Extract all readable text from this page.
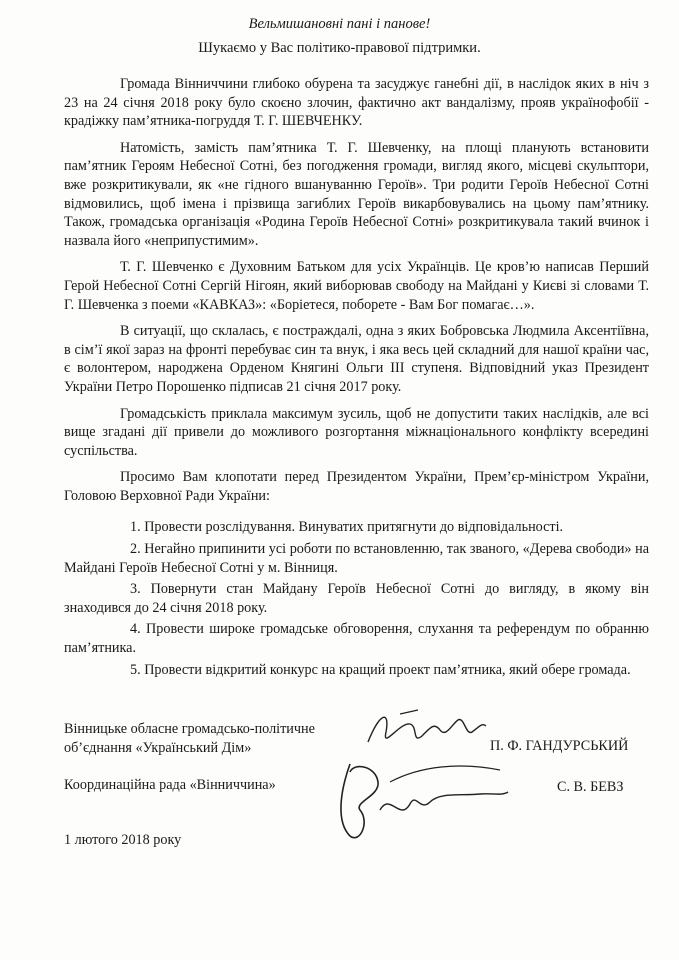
Вельмишановні пані і панове!
Шукаємо у Вас політико-правової підтримки.

Громада Вінниччини глибоко обурена та засуджує ганебні дії, в наслідок яких в ніч з 23 на 24 січня 2018 року було скоєно злочин, фактично акт вандалізму, прояв українофобії - крадіжку пам’ятника-погруддя Т. Г. ШЕВЧЕНКУ.

Натомість, замість пам’ятника Т. Г. Шевченку, на площі планують встановити пам’ятник Героям Небесної Сотні, без погодження громади, вигляд якого, місцеві скульптори, вже розкритикували, як «не гідного вшануванню Героїв». Три родити Героїв Небесної Сотні відмовились, щоб імена і прізвища загиблих Героїв викарбовувались на цьому пам’ятнику. Також, громадська організація «Родина Героїв Небесної Сотні» розкритикувала такий вчинок і назвала його «неприпустимим».

Т. Г. Шевченко є Духовним Батьком для усіх Українців. Це кров’ю написав Перший Герой Небесної Сотні Сергій Нігоян, який виборював свободу на Майдані у Києві зі словами Т. Г. Шевченка з поеми «КАВКАЗ»: «Боріетеся, поборете - Вам Бог помагає…».

В ситуації, що склалась, є постраждалі, одна з яких Бобровська Людмила Аксентіївна, в сім’ї якої зараз на фронті перебуває син та внук, і яка весь цей складний для нашої країни час, є волонтером, народжена Орденом Княгині Ольги III ступеня. Відповідний указ Президент України Петро Порошенко підписав 21 січня 2017 року.

Громадськість приклала максимум зусиль, щоб не допустити таких наслідків, але всі вище згадані дії привели до можливого розгортання міжнаціонального конфлікту всередині суспільства.

Просимо Вам клопотати перед Президентом України, Прем’єр-міністром України, Головою Верховної Ради України:

1. Провести розслідування. Винуватих притягнути до відповідальності.

2. Негайно припинити усі роботи по встановленню, так званого, «Дерева свободи» на Майдані Героїв Небесної Сотні у м. Вінниця.

3. Повернути стан Майдану Героїв Небесної Сотні до вигляду, в якому він знаходився до 24 січня 2018 року.

4. Провести широке громадське обговорення, слухання та референдум по обранню пам’ятника.

5. Провести відкритий конкурс на кращий проект пам’ятника, який обере громада.

Вінницьке обласне громадсько-політичне об’єднання «Український Дім»	П. Ф. ГАНДУРСЬКИЙ
Координаційна рада «Вінниччина»	С. В. БЕВЗ
1 лютого 2018 року
